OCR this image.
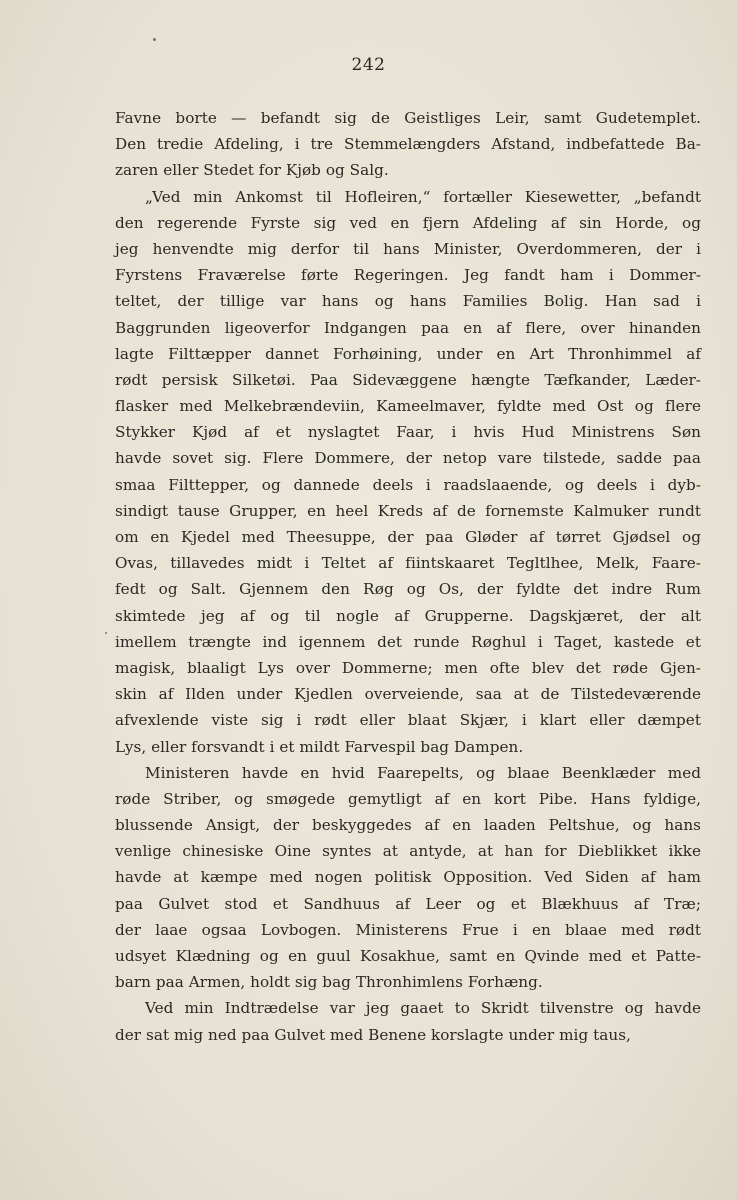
242
Favne borte — befandt sig de Geistliges Leir, samt Gudetemplet.
Den tredie Afdeling, i tre Stemmelængders Afstand, indbefattede Ba-
zaren eller Stedet for Kjøb og Salg.
„Ved min Ankomst til Hofleiren,“ fortæller Kiesewetter, „befandt
den regerende Fyrste sig ved en fjern Afdeling af sin Horde, og
jeg henvendte mig derfor til hans Minister, Overdommeren, der i
Fyrstens Fraværelse førte Regeringen. Jeg fandt ham i Dommer-
teltet, der tillige var hans og hans Families Bolig. Han sad i
Baggrunden ligeoverfor Indgangen paa en af flere, over hinanden
lagte Filttæpper dannet Forhøining, under en Art Thronhimmel af
rødt persisk Silketøi. Paa Sidevæggene hængte Tæfkander, Læder-
flasker med Melkebrændeviin, Kameelmaver, fyldte med Ost og flere
Stykker Kjød af et nyslagtet Faar, i hvis Hud Ministrens Søn
havde sovet sig. Flere Dommere, der netop vare tilstede, sadde paa
smaa Filttepper, og dannede deels i raadslaaende, og deels i dyb-
sindigt tause Grupper, en heel Kreds af de fornemste Kalmuker rundt
om en Kjedel med Theesuppe, der paa Gløder af tørret Gjødsel og
Ovas, tillavedes midt i Teltet af fiintskaaret Tegltlhee, Melk, Faare-
fedt og Salt. Gjennem den Røg og Os, der fyldte det indre Rum
skimtede jeg af og til nogle af Grupperne. Dagskjæret, der alt
imellem trængte ind igennem det runde Røghul i Taget, kastede et
magisk, blaaligt Lys over Dommerne; men ofte blev det røde Gjen-
skin af Ilden under Kjedlen overveiende, saa at de Tilstedeværende
afvexlende viste sig i rødt eller blaat Skjær, i klart eller dæmpet
Lys, eller forsvandt i et mildt Farvespil bag Dampen.
Ministeren havde en hvid Faarepelts, og blaae Beenklæder med
røde Striber, og smøgede gemytligt af en kort Pibe. Hans fyldige,
blussende Ansigt, der beskyggedes af en laaden Peltshue, og hans
venlige chinesiske Oine syntes at antyde, at han for Dieblikket ikke
havde at kæmpe med nogen politisk Opposition. Ved Siden af ham
paa Gulvet stod et Sandhuus af Leer og et Blækhuus af Træ;
der laae ogsaa Lovbogen. Ministerens Frue i en blaae med rødt
udsyet Klædning og en guul Kosakhue, samt en Qvinde med et Patte-
barn paa Armen, holdt sig bag Thronhimlens Forhæng.
Ved min Indtrædelse var jeg gaaet to Skridt tilvenstre og havde
der sat mig ned paa Gulvet med Benene korslagte under mig taus,
